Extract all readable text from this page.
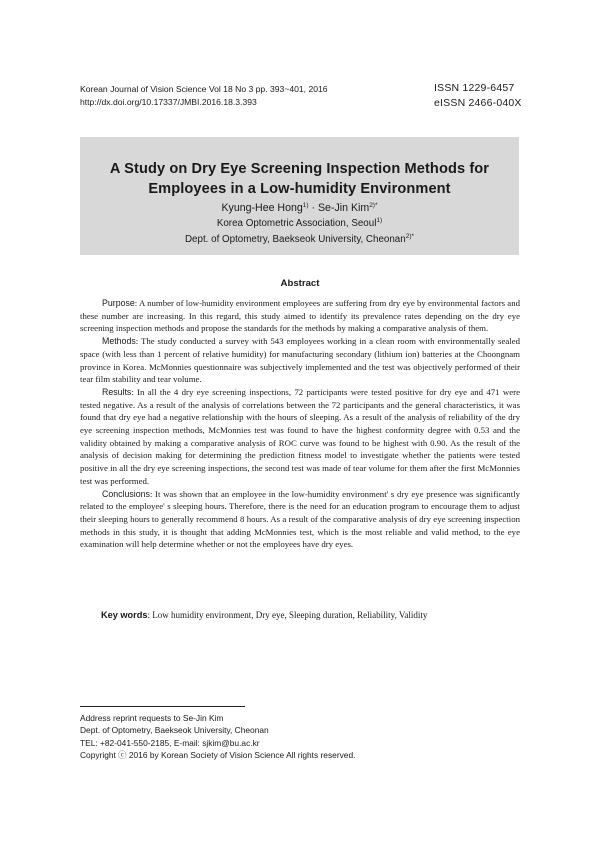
Korean Journal of Vision Science Vol 18 No 3 pp. 393~401, 2016
http://dx.doi.org/10.17337/JMBI.2016.18.3.393
ISSN 1229-6457
eISSN 2466-040X
A Study on Dry Eye Screening Inspection Methods for
Employees in a Low-humidity Environment
Kyung-Hee Hong$^{1)}$ · Se-Jin Kim$^{2)*}$
Korea Optometric Association, Seoul$^{1)}$
Dept. of Optometry, Baekseok University, Cheonan$^{2)*}$
Abstract

Purpose: A number of low-humidity environment employees are suffering from dry eye by environmental factors and these number are increasing. In this regard, this study aimed to identify its prevalence rates depending on the dry eye screening inspection methods and propose the standards for the methods by making a comparative analysis of them.

Methods: The study conducted a survey with 543 employees working in a clean room with environmentally sealed space (with less than 1 percent of relative humidity) for manufacturing secondary (lithium ion) batteries at the Choongnam province in Korea. McMonnies questionnaire was subjectively implemented and the test was objectively performed of their tear film stability and tear volume.

Results: In all the 4 dry eye screening inspections, 72 participants were tested positive for dry eye and 471 were tested negative. As a result of the analysis of correlations between the 72 participants and the general characteristics, it was found that dry eye had a negative relationship with the hours of sleeping. As a result of the analysis of reliability of the dry eye screening inspection methods, McMonnies test was found to have the highest conformity degree with 0.53 and the validity obtained by making a comparative analysis of ROC curve was found to be highest with 0.90. As the result of the analysis of decision making for determining the prediction fitness model to investigate whether the patients were tested positive in all the dry eye screening inspections, the second test was made of tear volume for them after the first McMonnies test was performed.

Conclusions: It was shown that an employee in the low-humidity environment' s dry eye presence was significantly related to the employee' s sleeping hours. Therefore, there is the need for an education program to encourage them to adjust their sleeping hours to generally recommend 8 hours. As a result of the comparative analysis of dry eye screening inspection methods in this study, it is thought that adding McMonnies test, which is the most reliable and valid method, to the eye examination will help determine whether or not the employees have dry eyes.

Key words: Low humidity environment, Dry eye, Sleeping duration, Reliability, Validity
Address reprint requests to Se-Jin Kim
Dept. of Optometry, Baekseok University, Cheonan
TEL: +82-041-550-2185, E-mail: sjkim@bu.ac.kr
Copyright ⓒ 2016 by Korean Society of Vision Science All rights reserved.
